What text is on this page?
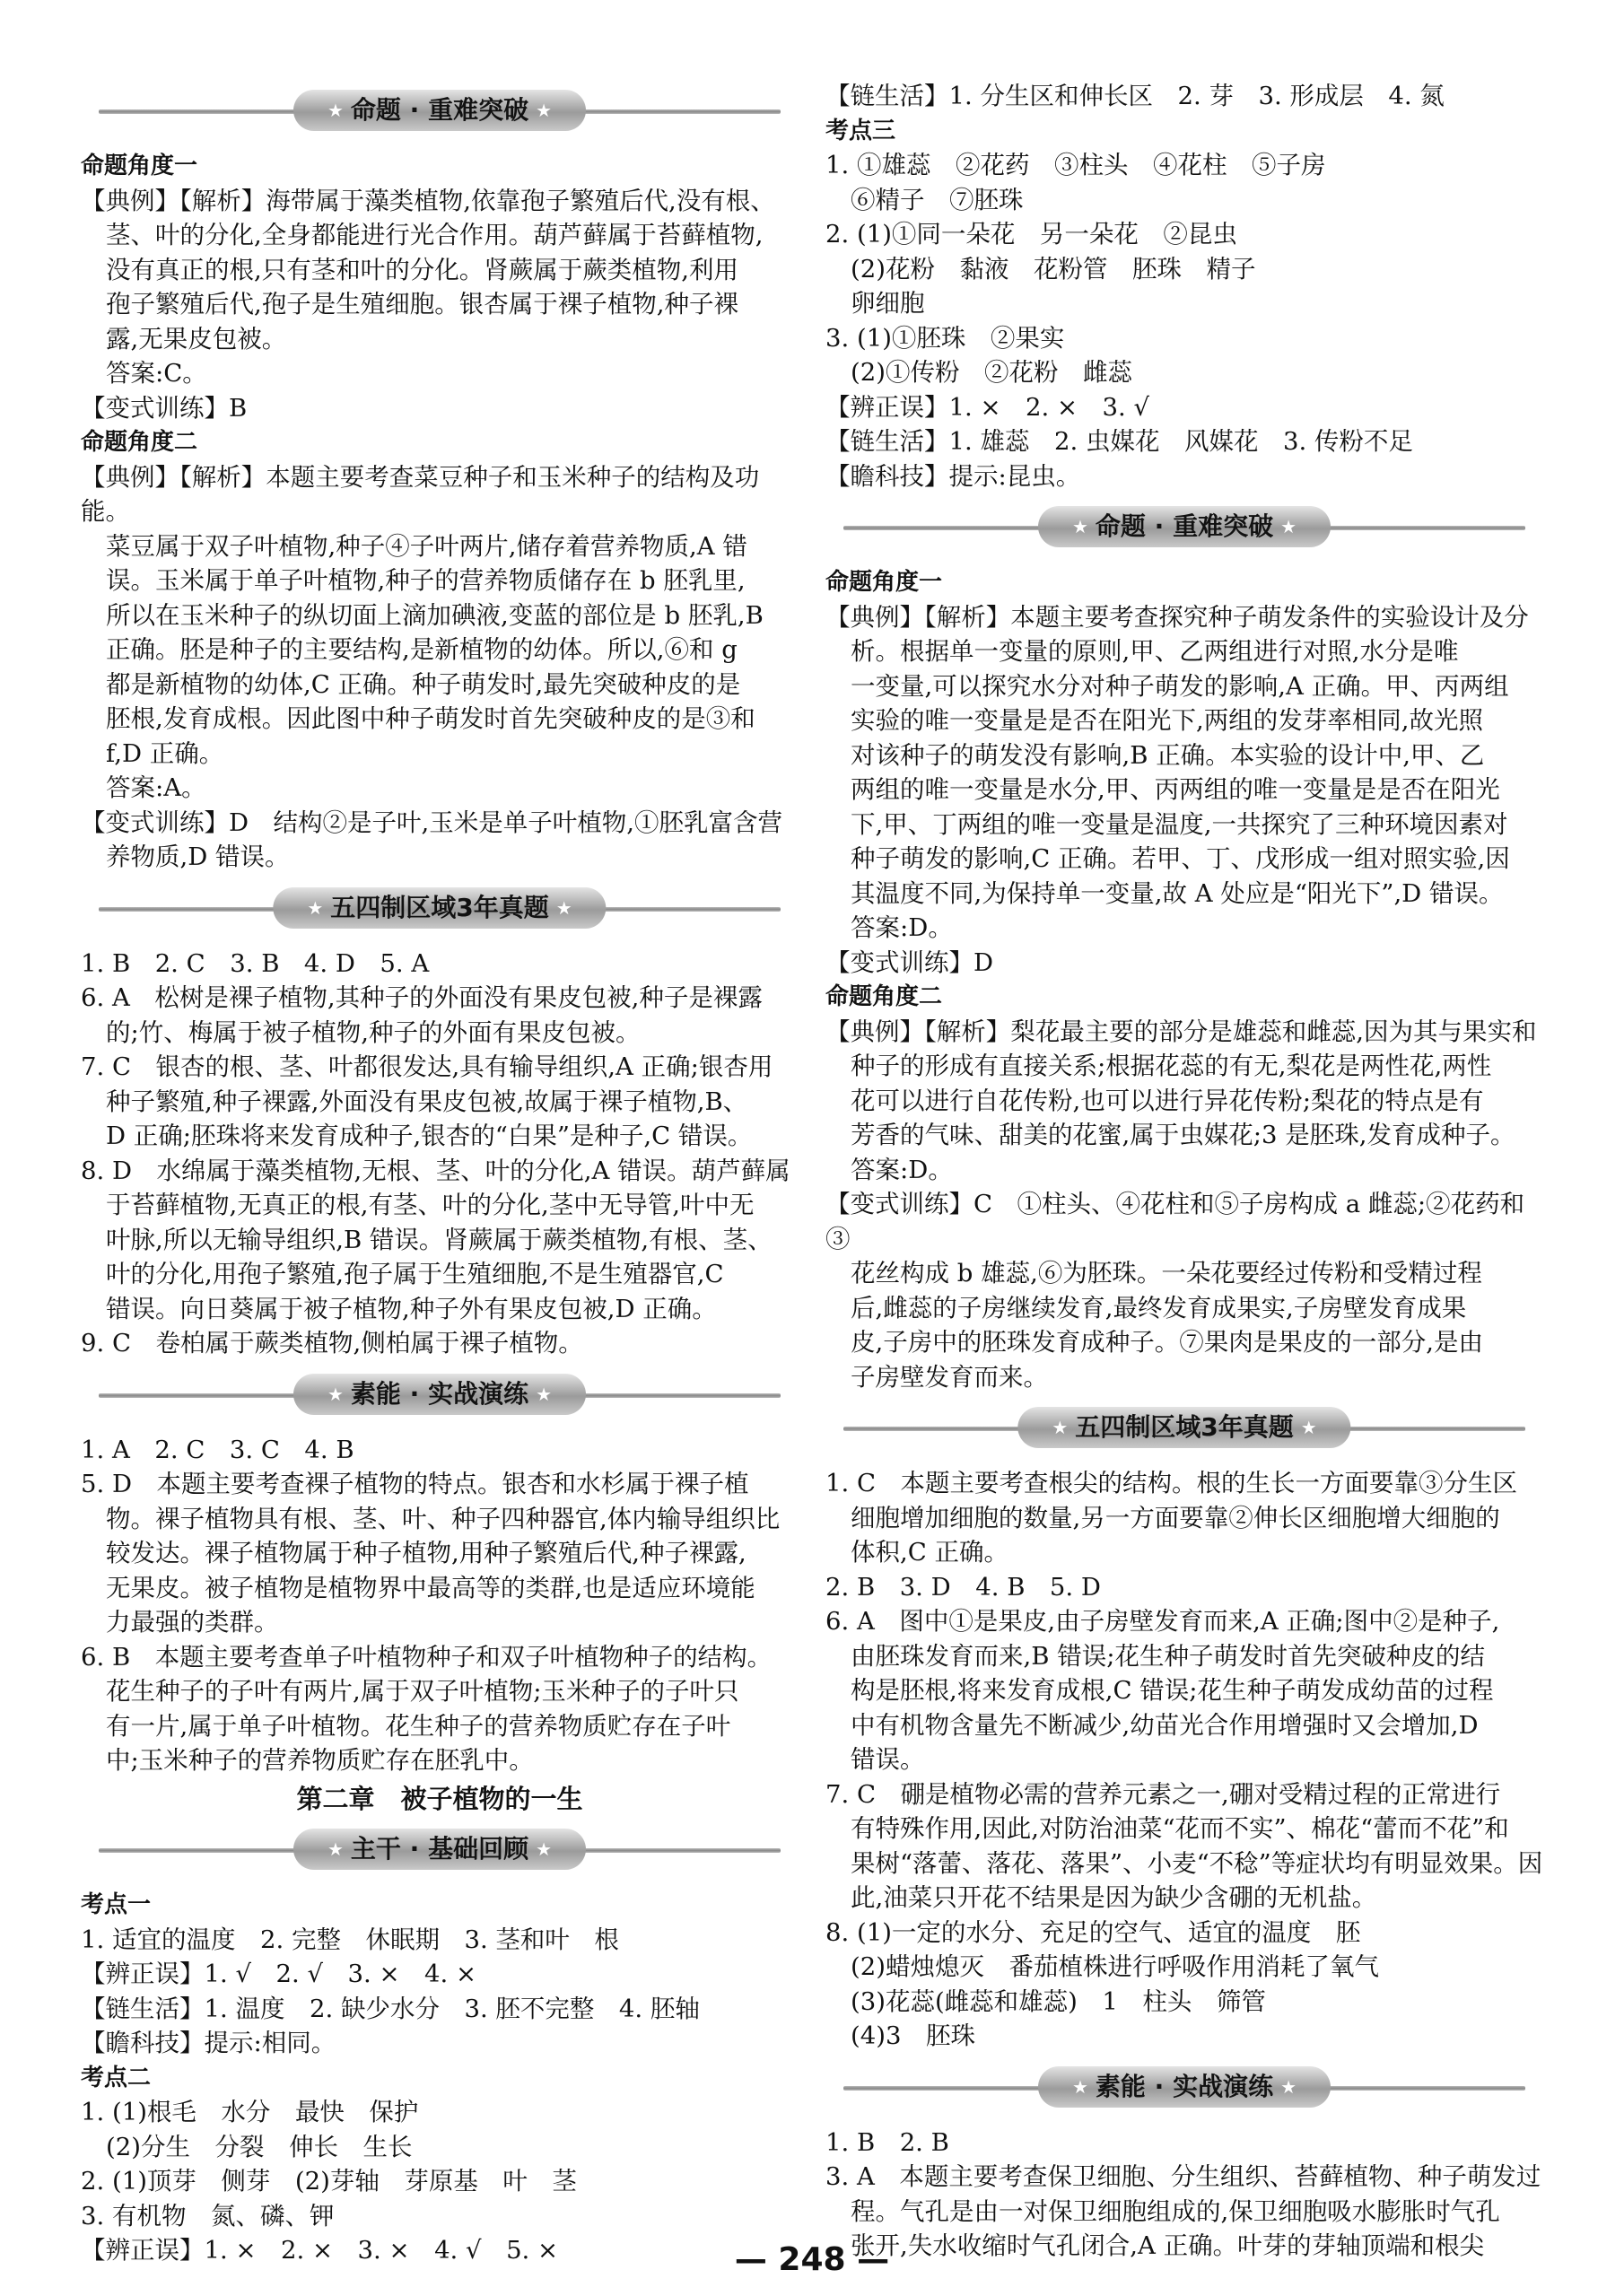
★ 命题 · 重难突破 ★
命题角度一

【典例】【解析】海带属于藻类植物,依靠孢子繁殖后代,没有根、

茎、叶的分化,全身都能进行光合作用。葫芦藓属于苔藓植物,

没有真正的根,只有茎和叶的分化。肾蕨属于蕨类植物,利用

孢子繁殖后代,孢子是生殖细胞。银杏属于裸子植物,种子裸

露,无果皮包被。

答案:C。

【变式训练】B

命题角度二

【典例】【解析】本题主要考查菜豆种子和玉米种子的结构及功能。

菜豆属于双子叶植物,种子④子叶两片,储存着营养物质,A 错

误。玉米属于单子叶植物,种子的营养物质储存在 b 胚乳里,

所以在玉米种子的纵切面上滴加碘液,变蓝的部位是 b 胚乳,B

正确。胚是种子的主要结构,是新植物的幼体。所以,⑥和 g

都是新植物的幼体,C 正确。种子萌发时,最先突破种皮的是

胚根,发育成根。因此图中种子萌发时首先突破种皮的是③和

f,D 正确。

答案:A。

【变式训练】D　结构②是子叶,玉米是单子叶植物,①胚乳富含营

养物质,D 错误。

★ 五四制区域3年真题 ★

1. B　2. C　3. B　4. D　5. A

6. A　松树是裸子植物,其种子的外面没有果皮包被,种子是裸露

的;竹、梅属于被子植物,种子的外面有果皮包被。

7. C　银杏的根、茎、叶都很发达,具有输导组织,A 正确;银杏用

种子繁殖,种子裸露,外面没有果皮包被,故属于裸子植物,B、

D 正确;胚珠将来发育成种子,银杏的“白果”是种子,C 错误。

8. D　水绵属于藻类植物,无根、茎、叶的分化,A 错误。葫芦藓属

于苔藓植物,无真正的根,有茎、叶的分化,茎中无导管,叶中无

叶脉,所以无输导组织,B 错误。肾蕨属于蕨类植物,有根、茎、

叶的分化,用孢子繁殖,孢子属于生殖细胞,不是生殖器官,C

错误。向日葵属于被子植物,种子外有果皮包被,D 正确。

9. C　卷柏属于蕨类植物,侧柏属于裸子植物。

★ 素能 · 实战演练 ★

1. A　2. C　3. C　4. B

5. D　本题主要考查裸子植物的特点。银杏和水杉属于裸子植

物。裸子植物具有根、茎、叶、种子四种器官,体内输导组织比

较发达。裸子植物属于种子植物,用种子繁殖后代,种子裸露,

无果皮。被子植物是植物界中最高等的类群,也是适应环境能

力最强的类群。

6. B　本题主要考查单子叶植物种子和双子叶植物种子的结构。

花生种子的子叶有两片,属于双子叶植物;玉米种子的子叶只

有一片,属于单子叶植物。花生种子的营养物质贮存在子叶

中;玉米种子的营养物质贮存在胚乳中。

第二章　被子植物的一生
★ 主干 · 基础回顾 ★
考点一

1. 适宜的温度　2. 完整　休眠期　3. 茎和叶　根

【辨正误】1. √　2. √　3. ×　4. ×

【链生活】1. 温度　2. 缺少水分　3. 胚不完整　4. 胚轴

【瞻科技】提示:相同。

考点二

1. (1)根毛　水分　最快　保护

(2)分生　分裂　伸长　生长

2. (1)顶芽　侧芽　(2)芽轴　芽原基　叶　茎

3. 有机物　氮、磷、钾

【辨正误】1. ×　2. ×　3. ×　4. √　5. ×

【链生活】1. 分生区和伸长区　2. 芽　3. 形成层　4. 氮

考点三

1. ①雄蕊　②花药　③柱头　④花柱　⑤子房

⑥精子　⑦胚珠

2. (1)①同一朵花　另一朵花　②昆虫

(2)花粉　黏液　花粉管　胚珠　精子

卵细胞

3. (1)①胚珠　②果实

(2)①传粉　②花粉　雌蕊

【辨正误】1. ×　2. ×　3. √

【链生活】1. 雄蕊　2. 虫媒花　风媒花　3. 传粉不足

【瞻科技】提示:昆虫。

★ 命题 · 重难突破 ★
命题角度一

【典例】【解析】本题主要考查探究种子萌发条件的实验设计及分

析。根据单一变量的原则,甲、乙两组进行对照,水分是唯

一变量,可以探究水分对种子萌发的影响,A 正确。甲、丙两组

实验的唯一变量是是否在阳光下,两组的发芽率相同,故光照

对该种子的萌发没有影响,B 正确。本实验的设计中,甲、乙

两组的唯一变量是水分,甲、丙两组的唯一变量是是否在阳光

下,甲、丁两组的唯一变量是温度,一共探究了三种环境因素对

种子萌发的影响,C 正确。若甲、丁、戊形成一组对照实验,因

其温度不同,为保持单一变量,故 A 处应是“阳光下”,D 错误。

答案:D。

【变式训练】D

命题角度二

【典例】【解析】梨花最主要的部分是雄蕊和雌蕊,因为其与果实和

种子的形成有直接关系;根据花蕊的有无,梨花是两性花,两性

花可以进行自花传粉,也可以进行异花传粉;梨花的特点是有

芳香的气味、甜美的花蜜,属于虫媒花;3 是胚珠,发育成种子。

答案:D。

【变式训练】C　①柱头、④花柱和⑤子房构成 a 雌蕊;②花药和③

花丝构成 b 雄蕊,⑥为胚珠。一朵花要经过传粉和受精过程

后,雌蕊的子房继续发育,最终发育成果实,子房壁发育成果

皮,子房中的胚珠发育成种子。⑦果肉是果皮的一部分,是由

子房壁发育而来。

★ 五四制区域3年真题 ★

1. C　本题主要考查根尖的结构。根的生长一方面要靠③分生区

细胞增加细胞的数量,另一方面要靠②伸长区细胞增大细胞的

体积,C 正确。

2. B　3. D　4. B　5. D

6. A　图中①是果皮,由子房壁发育而来,A 正确;图中②是种子,

由胚珠发育而来,B 错误;花生种子萌发时首先突破种皮的结

构是胚根,将来发育成根,C 错误;花生种子萌发成幼苗的过程

中有机物含量先不断减少,幼苗光合作用增强时又会增加,D

错误。

7. C　硼是植物必需的营养元素之一,硼对受精过程的正常进行

有特殊作用,因此,对防治油菜“花而不实”、棉花“蕾而不花”和

果树“落蕾、落花、落果”、小麦“不稔”等症状均有明显效果。因

此,油菜只开花不结果是因为缺少含硼的无机盐。

8. (1)一定的水分、充足的空气、适宜的温度　胚

(2)蜡烛熄灭　番茄植株进行呼吸作用消耗了氧气

(3)花蕊(雌蕊和雄蕊)　1　柱头　筛管

(4)3　胚珠

★ 素能 · 实战演练 ★

1. B　2. B

3. A　本题主要考查保卫细胞、分生组织、苔藓植物、种子萌发过

程。气孔是由一对保卫细胞组成的,保卫细胞吸水膨胀时气孔

张开,失水收缩时气孔闭合,A 正确。叶芽的芽轴顶端和根尖

— 248 —
